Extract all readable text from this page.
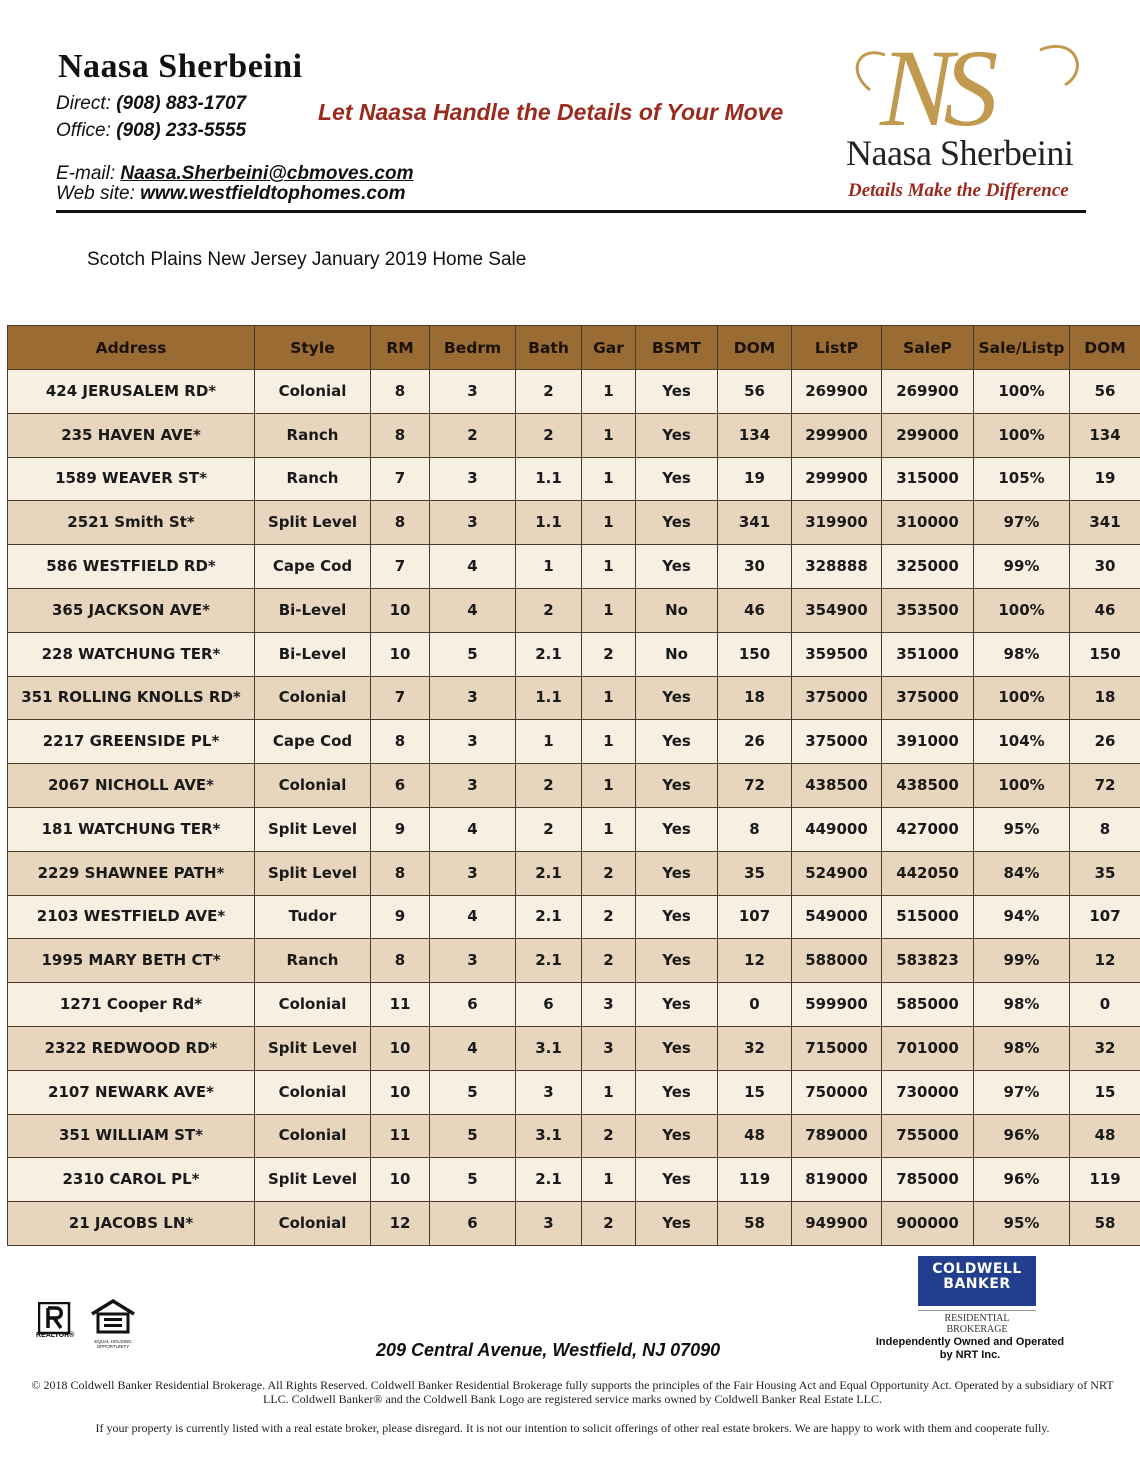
Naasa Sherbeini
Direct: (908) 883-1707
Office: (908) 233-5555
E-mail: Naasa.Sherbeini@cbmoves.com
Web site: www.westfieldtophomes.com
Let Naasa Handle the Details of Your Move NS
Naasa Sherbeini
Details Make the Difference
Scotch Plains New Jersey January 2019 Home Sale
Address	Style	RM	Bedrm	Bath	Gar	BSMT	DOM	ListP	SaleP	Sale/Listp	DOM
424 JERUSALEM RD*	Colonial	8	3	2	1	Yes	56	269900	269900	100%	56
235 HAVEN AVE*	Ranch	8	2	2	1	Yes	134	299900	299000	100%	134
1589 WEAVER ST*	Ranch	7	3	1.1	1	Yes	19	299900	315000	105%	19
2521 Smith St*	Split Level	8	3	1.1	1	Yes	341	319900	310000	97%	341
586 WESTFIELD RD*	Cape Cod	7	4	1	1	Yes	30	328888	325000	99%	30
365 JACKSON AVE*	Bi-Level	10	4	2	1	No	46	354900	353500	100%	46
228 WATCHUNG TER*	Bi-Level	10	5	2.1	2	No	150	359500	351000	98%	150
351 ROLLING KNOLLS RD*	Colonial	7	3	1.1	1	Yes	18	375000	375000	100%	18
2217 GREENSIDE PL*	Cape Cod	8	3	1	1	Yes	26	375000	391000	104%	26
2067 NICHOLL AVE*	Colonial	6	3	2	1	Yes	72	438500	438500	100%	72
181 WATCHUNG TER*	Split Level	9	4	2	1	Yes	8	449000	427000	95%	8
2229 SHAWNEE PATH*	Split Level	8	3	2.1	2	Yes	35	524900	442050	84%	35
2103 WESTFIELD AVE*	Tudor	9	4	2.1	2	Yes	107	549000	515000	94%	107
1995 MARY BETH CT*	Ranch	8	3	2.1	2	Yes	12	588000	583823	99%	12
1271 Cooper Rd*	Colonial	11	6	6	3	Yes	0	599900	585000	98%	0
2322 REDWOOD RD*	Split Level	10	4	3.1	3	Yes	32	715000	701000	98%	32
2107 NEWARK AVE*	Colonial	10	5	3	1	Yes	15	750000	730000	97%	15
351 WILLIAM ST*	Colonial	11	5	3.1	2	Yes	48	789000	755000	96%	48
2310 CAROL PL*	Split Level	10	5	2.1	1	Yes	119	819000	785000	96%	119
21 JACOBS LN*	Colonial	12	6	3	2	Yes	58	949900	900000	95%	58
REALTOR®
EQUAL HOUSING OPPORTUNITY	209 Central Avenue, Westfield, NJ 07090
COLDWELL
BANKER
RESIDENTIAL BROKERAGE
Independently Owned and Operated
by NRT Inc.
© 2018 Coldwell Banker Residential Brokerage. All Rights Reserved. Coldwell Banker Residential Brokerage fully supports the principles of the Fair Housing Act and Equal Opportunity Act. Operated by a subsidiary of NRT LLC. Coldwell Banker® and the Coldwell Bank Logo are registered service marks owned by Coldwell Banker Real Estate LLC.
If your property is currently listed with a real estate broker, please disregard. It is not our intention to solicit offerings of other real estate brokers. We are happy to work with them and cooperate fully.
